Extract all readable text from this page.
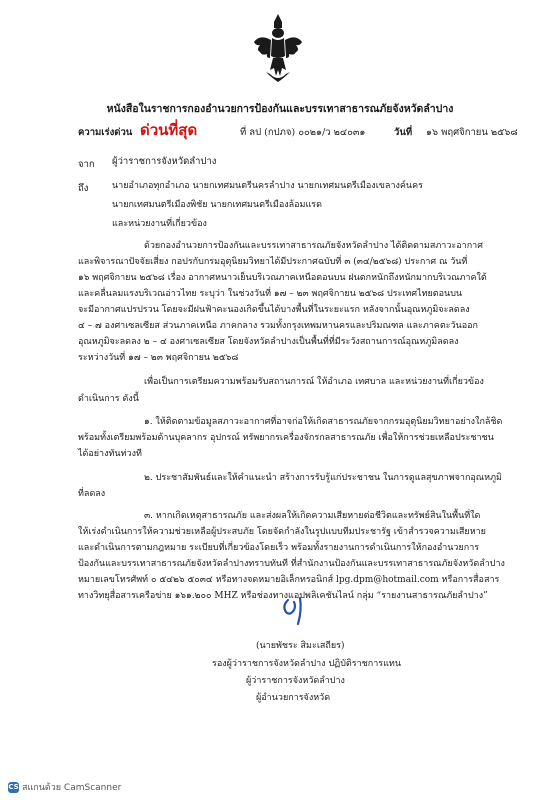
หนังสือในราชการกองอำนวยการป้องกันและบรรเทาสาธารณภัยจังหวัดลำปาง
ความเร่งด่วน ด่วนที่สุด	ที่ ลป (กปภจ) ๐๐๒๑/ว ๒๔๐๓๑	วันที่ ๑๖ พฤศจิกายน ๒๕๖๘
จาก ผู้ว่าราชการจังหวัดลำปาง
ถึง	นายอำเภอทุกอำเภอ นายกเทศมนตรีนครลำปาง นายกเทศมนตรีเมืองเขลางค์นคร
นายกเทศมนตรีเมืองพิชัย นายกเทศมนตรีเมืองล้อมแรด
และหน่วยงานที่เกี่ยวข้อง
ด้วยกองอำนวยการป้องกันและบรรเทาสาธารณภัยจังหวัดลำปาง ได้ติดตามสภาวะอากาศ
และพิจารณาปัจจัยเสี่ยง กอปรกับกรมอุตุนิยมวิทยาได้มีประกาศฉบับที่ ๓ (๓๔/๒๕๖๘) ประกาศ ณ วันที่
๑๖ พฤศจิกายน ๒๕๖๘ เรื่อง อากาศหนาวเย็นบริเวณภาคเหนือตอนบน ฝนตกหนักถึงหนักมากบริเวณภาคใต้
และคลื่นลมแรงบริเวณอ่าวไทย ระบุว่า ในช่วงวันที่ ๑๗ – ๒๓ พฤศจิกายน ๒๕๖๘ ประเทศไทยตอนบน
จะมีอากาศแปรปรวน โดยจะมีฝนฟ้าคะนองเกิดขึ้นได้บางพื้นที่ในระยะแรก หลังจากนั้นอุณหภูมิจะลดลง
๔ – ๗ องศาเซลเซียส ส่วนภาคเหนือ ภาคกลาง รวมทั้งกรุงเทพมหานครและปริมณฑล และภาคตะวันออก
อุณหภูมิจะลดลง ๒ – ๔ องศาเซลเซียส โดยจังหวัดลำปางเป็นพื้นที่ที่มีระวังสถานการณ์อุณหภูมิลดลง
ระหว่างวันที่ ๑๗ – ๒๓ พฤศจิกายน ๒๕๖๘
เพื่อเป็นการเตรียมความพร้อมรับสถานการณ์ ให้อำเภอ เทศบาล และหน่วยงานที่เกี่ยวข้อง
ดำเนินการ ดังนี้
๑. ให้ติดตามข้อมูลสภาวะอากาศที่อาจก่อให้เกิดสาธารณภัยจากกรมอุตุนิยมวิทยาอย่างใกล้ชิด
พร้อมทั้งเตรียมพร้อมด้านบุคลากร อุปกรณ์ ทรัพยากรเครื่องจักรกลสาธารณภัย เพื่อให้การช่วยเหลือประชาชน
ได้อย่างทันท่วงที
๒. ประชาสัมพันธ์และให้คำแนะนำ สร้างการรับรู้แก่ประชาชน ในการดูแลสุขภาพจากอุณหภูมิ
ที่ลดลง
๓. หากเกิดเหตุสาธารณภัย และส่งผลให้เกิดความเสียหายต่อชีวิตและทรัพย์สินในพื้นที่ใด
ให้เร่งดำเนินการให้ความช่วยเหลือผู้ประสบภัย โดยจัดกำลังในรูปแบบทีมประชารัฐ เข้าสำรวจความเสียหาย
และดำเนินการตามกฎหมาย ระเบียบที่เกี่ยวข้องโดยเร็ว พร้อมทั้งรายงานการดำเนินการให้กองอำนวยการ
ป้องกันและบรรเทาสาธารณภัยจังหวัดลำปางทราบทันที ที่สำนักงานป้องกันและบรรเทาสาธารณภัยจังหวัดลำปาง
หมายเลขโทรศัพท์ ๐ ๕๔๒๖ ๕๐๓๔ หรือทางจดหมายอิเล็กทรอนิกส์ lpg.dpm@hotmail.com หรือการสื่อสาร
ทางวิทยุสื่อสารเครือข่าย ๑๖๑.๒๐๐ MHZ หรือช่องทางแอปพลิเคชันไลน์ กลุ่ม “รายงานสาธารณภัยลำปาง”
(นายพัชระ สิมะเสถียร)
รองผู้ว่าราชการจังหวัดลำปาง ปฏิบัติราชการแทน
ผู้ว่าราชการจังหวัดลำปาง
ผู้อำนวยการจังหวัด
CS สแกนด้วย CamScanner
